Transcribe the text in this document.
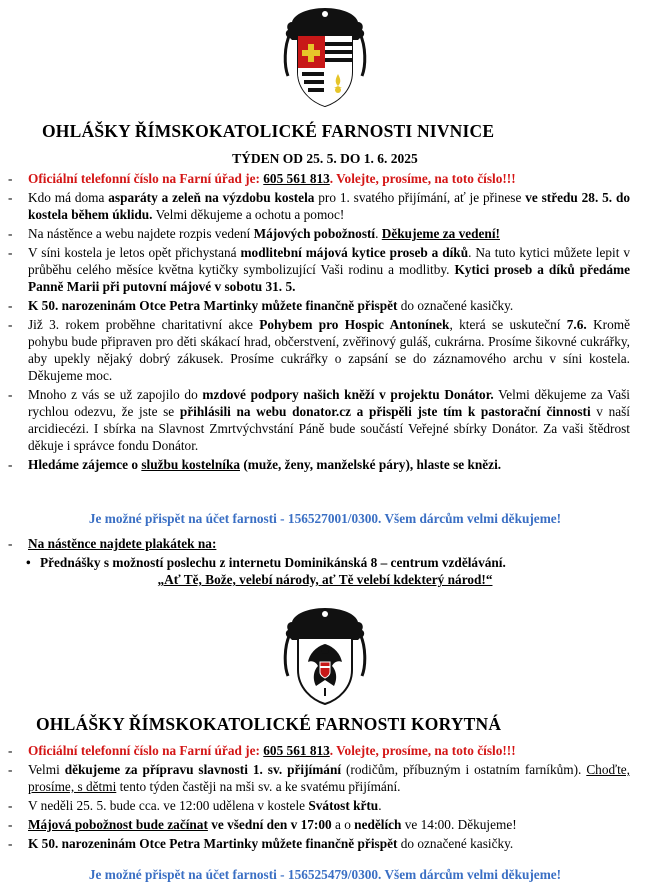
OHLÁŠKY ŘÍMSKOKATOLICKÉ FARNOSTI NIVNICE
TÝDEN OD 25. 5. DO 1. 6. 2025
- Oficiální telefonní číslo na Farní úřad je: 605 561 813. Volejte, prosíme, na toto číslo!!!
- Kdo má doma asparáty a zeleň na výzdobu kostela pro 1. svatého přijímání, ať je přinese ve středu 28. 5. do kostela během úklidu. Velmi děkujeme a ochotu a pomoc!
- Na nástěnce a webu najdete rozpis vedení Májových pobožností. Děkujeme za vedení!
- V síni kostela je letos opět přichystaná modlitební májová kytice proseb a díků. Na tuto kytici můžete lepit v průběhu celého měsíce května kytičky symbolizující Vaši rodinu a modlitby. Kytici proseb a díků předáme Panně Marii při putovní májové v sobotu 31. 5.
- K 50. narozeninám Otce Petra Martinky můžete finančně přispět do označené kasičky.
- Již 3. rokem proběhne charitativní akce Pohybem pro Hospic Antonínek, která se uskuteční 7.6. Kromě pohybu bude připraven pro děti skákací hrad, občerstvení, zvěřinový guláš, cukrárna. Prosíme šikovné cukrářky, aby upekly nějaký dobrý zákusek. Prosíme cukrářky o zapsání se do záznamového archu v síni kostela. Děkujeme moc.
- Mnoho z vás se už zapojilo do mzdové podpory našich kněží v projektu Donátor. Velmi děkujeme za Vaši rychlou odezvu, že jste se přihlásili na webu donator.cz a přispěli jste tím k pastorační činnosti v naší arcidiecézi. I sbírka na Slavnost Zmrtvýchvstání Páně bude součástí Veřejné sbírky Donátor. Za vaši štědrost děkuje i správce fondu Donátor.
- Hledáme zájemce o službu kostelníka (muže, ženy, manželské páry), hlaste se knězi.
Je možné přispět na účet farnosti - 156527001/0300. Všem dárcům velmi děkujeme!
- Na nástěnce najdete plakátek na:
• Přednášky s možností poslechu z internetu Dominikánská 8 – centrum vzdělávání.
„Ať Tě, Bože, velebí národy, ať Tě velebí kdekterý národ!“
OHLÁŠKY ŘÍMSKOKATOLICKÉ FARNOSTI KORYTNÁ
- Oficiální telefonní číslo na Farní úřad je: 605 561 813. Volejte, prosíme, na toto číslo!!!
- Velmi děkujeme za přípravu slavnosti 1. sv. přijímání (rodičům, příbuzným i ostatním farníkům). Choďte, prosíme, s dětmi tento týden častěji na mši sv. a ke svatému přijímání.
- V neděli 25. 5. bude cca. ve 12:00 udělena v kostele Svátost křtu.
- Májová pobožnost bude začínat ve všední den v 17:00 a o nedělích ve 14:00. Děkujeme!
- K 50. narozeninám Otce Petra Martinky můžete finančně přispět do označené kasičky.
Je možné přispět na účet farnosti - 156525479/0300. Všem dárcům velmi děkujeme!
